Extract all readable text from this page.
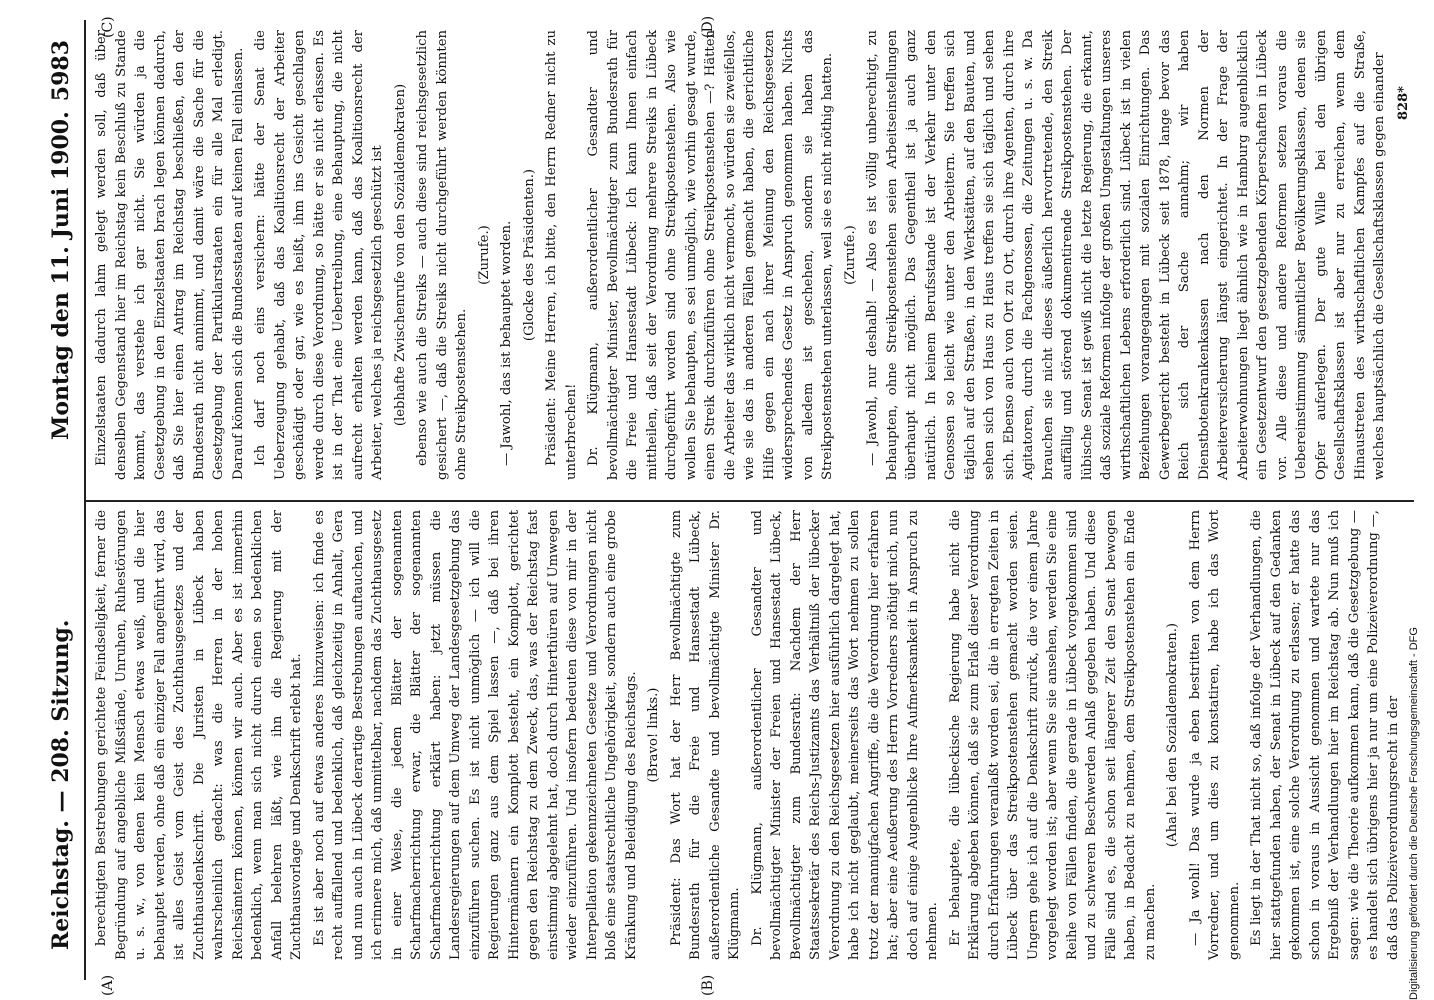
Reichstag. — 208. Sitzung.
Montag den 11. Juni 1900.
5983
(A)	(B)
(C)	(D)

berechtigten Bestrebungen gerichtete Feindseligkeit, ferner die Begründung auf angebliche Mißstände, Unruhen, Ruhestörungen u. s. w., von denen kein Mensch etwas weiß, und die hier behauptet werden, ohne daß ein einziger Fall angeführt wird, das ist alles Geist vom Geist des Zuchthausgesetzes und der Zuchthausdenkschrift. Die Juristen in Lübeck haben wahrscheinlich gedacht: was die Herren in der hohen Reichsämtern können, können wir auch. Aber es ist immerhin bedenklich, wenn man sich nicht durch einen so bedenklichen Anfall belehren läßt, wie ihn die Regierung mit der Zuchthausvorlage und Denkschrift erlebt hat. Es ist aber noch auf etwas anderes hinzuweisen: ich finde es recht auffallend und bedenklich, daß gleichzeitig in Anhalt, Gera und nun auch in Lübeck derartige Bestrebungen auftauchen, und ich erinnere mich, daß unmittelbar, nachdem das Zuchthausgesetz in einer Weise, die jedem Blätter der sogenannten Scharfmacherrichtung erwar, die Blätter der sogenannten Scharfmacherrichtung erklärt haben: jetzt müssen die Landesregierungen auf dem Umweg der Landesgesetzgebung das einzuführen suchen. Es ist nicht unmöglich — ich will die Regierungen ganz aus dem Spiel lassen —, daß bei ihren Hintermännern ein Komplott besteht, ein Komplott, gerichtet gegen den Reichstag zu dem Zweck, das, was der Reichstag fast einstimmig abgelehnt hat, doch durch Hinterthüren auf Umwegen wieder einzuführen. Und insofern bedeuten diese von mir in der Interpellation gekennzeichneten Gesetze und Verordnungen nicht bloß eine staatsrechtliche Ungehörigkeit, sondern auch eine grobe Kränkung und Beleidigung des Reichstags. (Bravo! links.) Präsident: Das Wort hat der Herr Bevollmächtigte zum Bundesrath für die Freie und Hansestadt Lübeck, außerordentliche Gesandte und bevollmächtigte Minister Dr. Klügmann. Dr. Klügmann, außerordentlicher Gesandter und bevollmächtigter Minister der Freien und Hansestadt Lübeck, Bevollmächtigter zum Bundesrath: Nachdem der Herr Staatssekretär des Reichs-Justizamts das Verhältniß der lübecker Verordnung zu den Reichsgesetzen hier ausführlich dargelegt hat, habe ich nicht geglaubt, meinerseits das Wort nehmen zu sollen trotz der mannigfachen Angriffe, die die Verordnung hier erfahren hat; aber eine Aeußerung des Herrn Vorredners nöthigt mich, nun doch auf einige Augenblicke Ihre Aufmerksamkeit in Anspruch zu nehmen. Er behauptete, die lübeckische Regierung habe nicht die Erklärung abgeben können, daß sie zum Erlaß dieser Verordnung durch Erfahrungen veranlaßt worden sei, die in erregten Zeiten in Lübeck über das Streikpostenstehen gemacht worden seien. Ungern gehe ich auf die Denkschrift zurück, die vor einem Jahre vorgelegt worden ist; aber wenn Sie sie ansehen, werden Sie eine Reihe von Fällen finden, die gerade in Lübeck vorgekommen sind und zu schweren Beschwerden Anlaß gegeben haben. Und diese Fälle sind es, die schon seit längerer Zeit den Senat bewogen haben, in Bedacht zu nehmen, dem Streikpostenstehen ein Ende zu machen.

(Aha! bei den Sozialdemokraten.) — Ja wohl! Das wurde ja eben bestritten von dem Herrn Vorredner, und um dies zu konstatiren, habe ich das Wort genommen. Es liegt in der That nicht so, daß infolge der Verhandlungen, die hier stattgefunden haben, der Senat in Lübeck auf den Gedanken gekommen ist, eine solche Verordnung zu erlassen; er hatte das schon in voraus in Aussicht genommen und wartete nur das Ergebniß der Verhandlungen hier im Reichstag ab. Nun muß ich sagen: wie die Theorie aufkommen kann, daß die Gesetzgebung — es handelt sich übrigens hier ja nur um eine Polizeiverordnung —, daß das Polizeiverordnungsrecht in der

Einzelstaaten dadurch lahm gelegt werden soll, daß über denselben Gegenstand hier im Reichstag kein Beschluß zu Stande kommt, das verstehe ich gar nicht. Sie würden ja die Gesetzgebung in den Einzelstaaten brach legen können dadurch, daß Sie hier einen Antrag im Reichstag beschließen, den der Bundesrath nicht annimmt, und damit wäre die Sache für die Gesetzgebung der Partikularstaaten ein für alle Mal erledigt. Darauf können sich die Bundesstaaten auf keinen Fall einlassen. Ich darf noch eins versichern: hätte der Senat die Ueberzeugung gehabt, daß das Koalitionsrecht der Arbeiter geschädigt oder gar, wie es heißt, ihm ins Gesicht geschlagen werde durch diese Verordnung, so hätte er sie nicht erlassen. Es ist in der That eine Uebertreibung, eine Behauptung, die nicht aufrecht erhalten werden kann, daß das Koalitionsrecht der Arbeiter, welches ja reichsgesetzlich geschützt ist (lebhafte Zwischenrufe von den Sozialdemokraten) ebenso wie auch die Streiks — auch diese sind reichsgesetzlich gesichert —, daß die Streiks nicht durchgeführt werden könnten ohne Streikpostenstehen.

(Zurufe.) — Jawohl, das ist behauptet worden. (Glocke des Präsidenten.) Präsident: Meine Herren, ich bitte, den Herrn Redner nicht zu unterbrechen! Dr. Klügmann, außerordentlicher Gesandter und bevollmächtigter Minister, Bevollmächtigter zum Bundesrath für die Freie und Hansestadt Lübeck: Ich kann Ihnen einfach mittheilen, daß seit der Verordnung mehrere Streiks in Lübeck durchgeführt worden sind ohne Streikpostenstehen. Also wie wollen Sie behaupten, es sei unmöglich, wie vorhin gesagt wurde, einen Streik durchzuführen ohne Streikpostenstehen —? Hätten die Arbeiter das wirklich nicht vermocht, so würden sie zweifellos, wie sie das in anderen Fällen gemacht haben, die gerichtliche Hilfe gegen ein nach ihrer Meinung den Reichsgesetzen widersprechendes Gesetz in Anspruch genommen haben. Nichts von alledem ist geschehen, sondern sie haben das Streikpostenstehen unterlassen, weil sie es nicht nöthig hatten. (Zurufe.) — Jawohl, nur deshalb! — Also es ist völlig unberechtigt, zu behaupten, ohne Streikpostenstehen seien Arbeitseinstellungen überhaupt nicht möglich. Das Gegentheil ist ja auch ganz natürlich. In keinem Berufsstande ist der Verkehr unter den Genossen so leicht wie unter den Arbeitern. Sie treffen sich täglich auf den Straßen, in den Werkstätten, auf den Bauten, und sehen sich von Haus zu Haus treffen sie sich täglich und sehen sich. Ebenso auch von Ort zu Ort, durch ihre Agenten, durch ihre Agitatoren, durch die Fachgenossen, die Zeitungen u. s. w. Da brauchen sie nicht dieses äußerlich hervortretende, den Streik auffällig und störend dokumentirende Streikpostenstehen. Der lübische Senat ist gewiß nicht die letzte Regierung, die erkannt, daß soziale Reformen infolge der großen Umgestaltungen unseres wirthschaftlichen Lebens erforderlich sind. Lübeck ist in vielen Beziehungen vorangegangen mit sozialen Einrichtungen. Das Gewerbegericht besteht in Lübeck seit 1878, lange bevor das Reich sich der Sache annahm; wir haben Dienstbotenkrankenkassen nach den Normen der Arbeiterversicherung längst eingerichtet. In der Frage der Arbeiterwohnungen liegt ähnlich wie in Hamburg augenblicklich ein Gesetzentwurf den gesetzgebenden Körperschaften in Lübeck vor. Alle diese und andere Reformen setzen voraus die Uebereinstimmung sämmtlicher Bevölkerungsklassen, denen sie Opfer auferlegen. Der gute Wille bei den übrigen Gesellschaftsklassen ist aber nur zu erreichen, wenn dem Hinaustreten des wirthschaftlichen Kampfes auf die Straße, welches hauptsächlich die Gesellschaftsklassen gegen einander 828*
Digitalisierung gefördert durch die Deutsche Forschungsgemeinschaft - DFG
